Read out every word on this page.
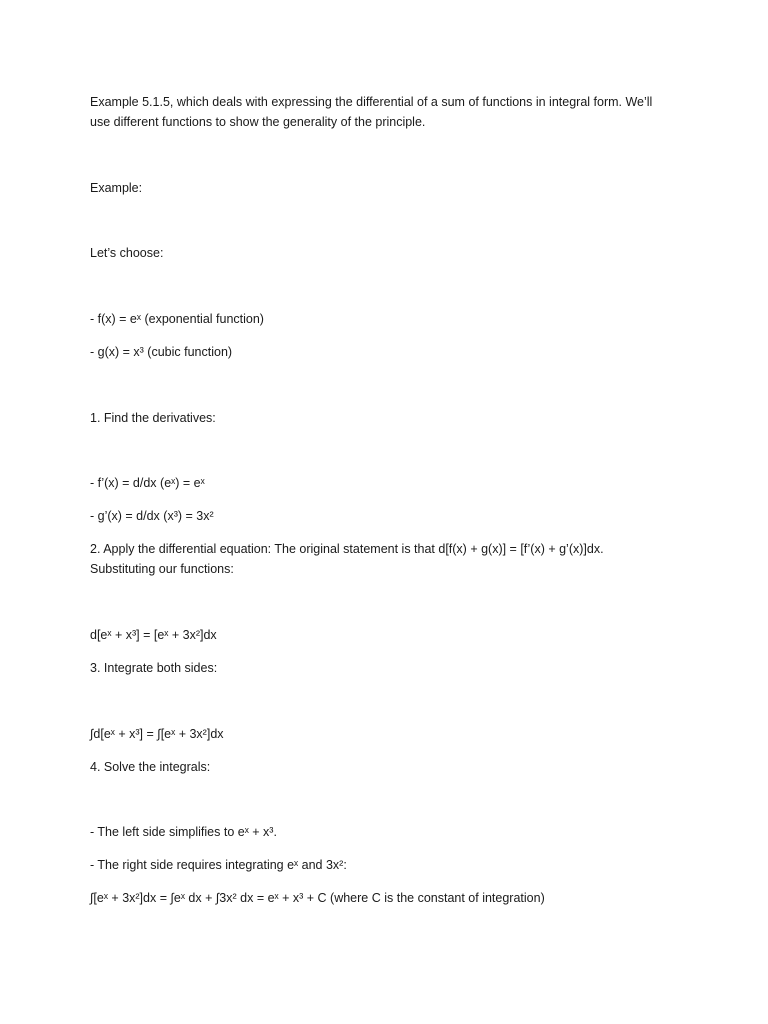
Example 5.1.5, which deals with expressing the differential of a sum of functions in integral form. We’ll
use different functions to show the generality of the principle.
Example:
Let’s choose:
- f(x) = eˣ (exponential function)
- g(x) = x³ (cubic function)
1. Find the derivatives:
- f’(x) = d/dx (eˣ) = eˣ
- g’(x) = d/dx (x³) = 3x²
2. Apply the differential equation: The original statement is that d[f(x) + g(x)] = [f’(x) + g’(x)]dx.
Substituting our functions:
d[eˣ + x³] = [eˣ + 3x²]dx
3. Integrate both sides:
∫d[eˣ + x³] = ∫[eˣ + 3x²]dx
4. Solve the integrals:
- The left side simplifies to eˣ + x³.
- The right side requires integrating eˣ and 3x²:
∫[eˣ + 3x²]dx = ∫eˣ dx + ∫3x² dx = eˣ + x³ + C (where C is the constant of integration)
